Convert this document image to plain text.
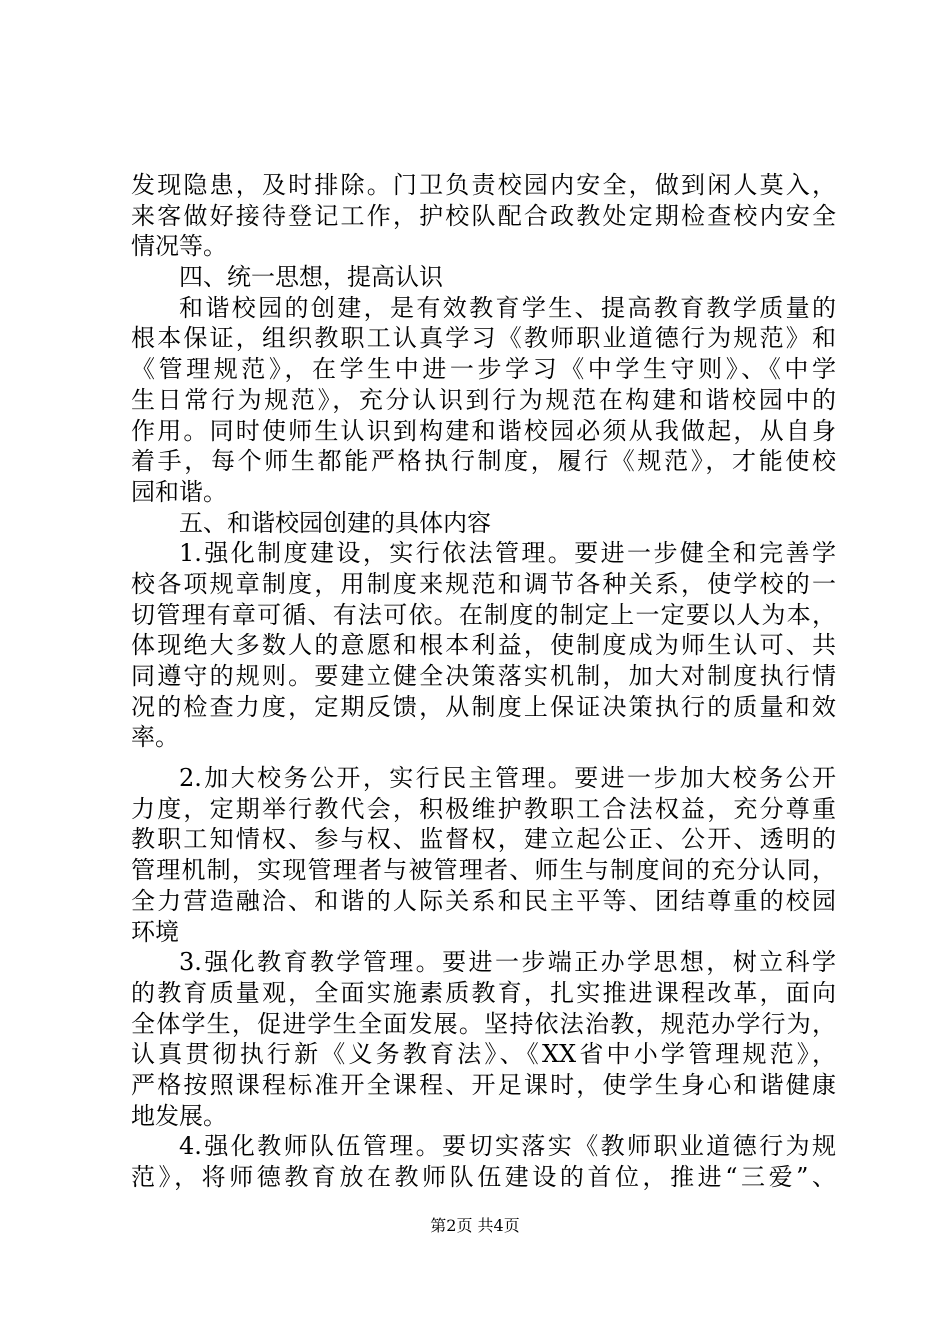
发现隐患，及时排除。门卫负责校园内安全，做到闲人莫入，
来客做好接待登记工作，护校队配合政教处定期检查校内安全
情况等。
四、统一思想，提高认识
和谐校园的创建，是有效教育学生、提高教育教学质量的
根本保证，组织教职工认真学习《教师职业道德行为规范》和
《管理规范》，在学生中进一步学习《中学生守则》、《中学
生日常行为规范》，充分认识到行为规范在构建和谐校园中的
作用。同时使师生认识到构建和谐校园必须从我做起，从自身
着手，每个师生都能严格执行制度，履行《规范》，才能使校
园和谐。
五、和谐校园创建的具体内容
1.强化制度建设，实行依法管理。要进一步健全和完善学
校各项规章制度，用制度来规范和调节各种关系，使学校的一
切管理有章可循、有法可依。在制度的制定上一定要以人为本，
体现绝大多数人的意愿和根本利益，使制度成为师生认可、共
同遵守的规则。要建立健全决策落实机制，加大对制度执行情
况的检查力度，定期反馈，从制度上保证决策执行的质量和效
率。
2.加大校务公开，实行民主管理。要进一步加大校务公开
力度，定期举行教代会，积极维护教职工合法权益，充分尊重
教职工知情权、参与权、监督权，建立起公正、公开、透明的
管理机制，实现管理者与被管理者、师生与制度间的充分认同，
全力营造融洽、和谐的人际关系和民主平等、团结尊重的校园
环境
3.强化教育教学管理。要进一步端正办学思想，树立科学
的教育质量观，全面实施素质教育，扎实推进课程改革，面向
全体学生，促进学生全面发展。坚持依法治教，规范办学行为，
认真贯彻执行新《义务教育法》、《XX省中小学管理规范》，
严格按照课程标准开全课程、开足课时，使学生身心和谐健康
地发展。
4.强化教师队伍管理。要切实落实《教师职业道德行为规
范》，将师德教育放在教师队伍建设的首位，推进“三爱”、
第2页 共4页
